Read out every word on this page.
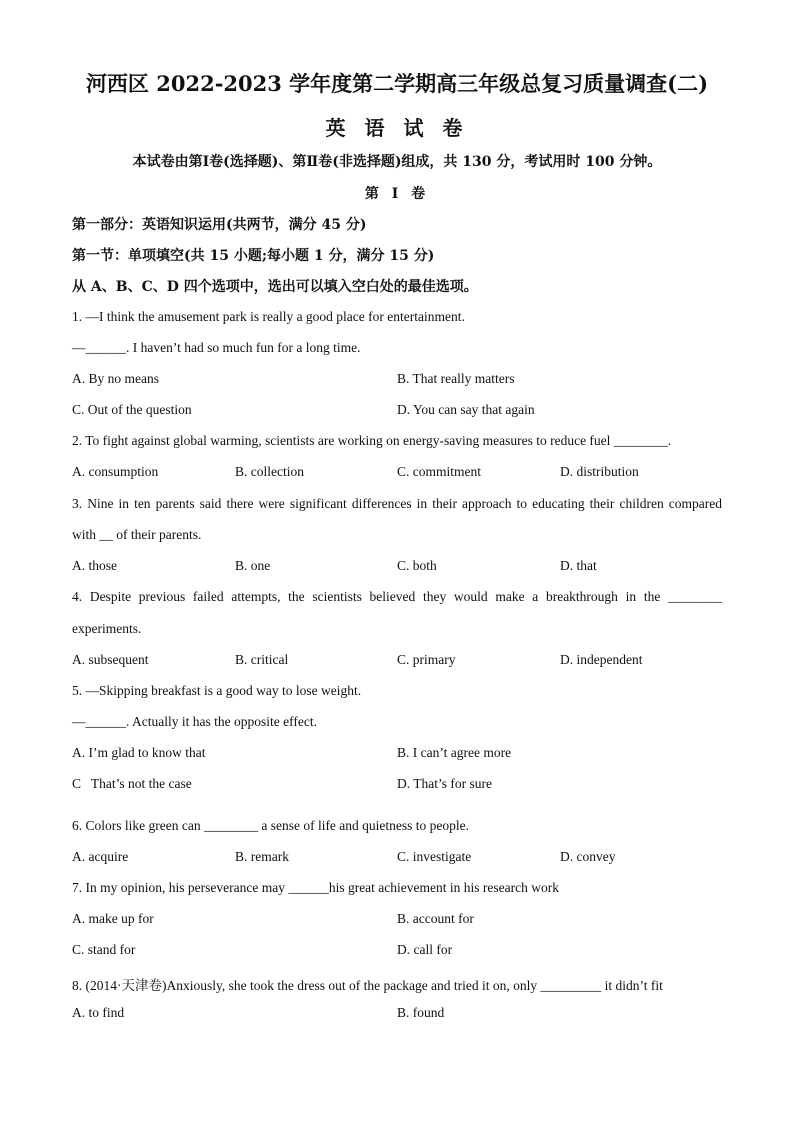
河西区 2022-2023 学年度第二学期高三年级总复习质量调查(二)
英 语 试 卷
本试卷由第Ⅰ卷(选择题)、第Ⅱ卷(非选择题)组成，共 130 分，考试用时 100 分钟。
第 Ⅰ 卷
第一部分：英语知识运用(共两节，满分 45 分)
第一节：单项填空(共 15 小题;每小题 1 分，满分 15 分)
从 A、B、C、D 四个选项中，选出可以填入空白处的最佳选项。
1. —I think the amusement park is really a good place for entertainment.
—______. I haven’t had so much fun for a long time.
A. By no means	B. That really matters
C. Out of the question	D. You can say that again
2. To fight against global warming, scientists are working on energy-saving measures to reduce fuel ________.
A. consumption	B. collection	C. commitment	D. distribution
3. Nine in ten parents said there were significant differences in their approach to educating their children compared
with __ of their parents.
A. those	B. one	C. both	D. that
4. Despite previous failed attempts, the scientists believed they would make a breakthrough in the ________
experiments.
A. subsequent	B. critical	C. primary	D. independent
5. —Skipping breakfast is a good way to lose weight.
—______. Actually it has the opposite effect.
A. I’m glad to know that	B. I can’t agree more
C   That’s not the case	D. That’s for sure
6. Colors like green can ________ a sense of life and quietness to people.
A. acquire	B. remark	C. investigate	D. convey
7. In my opinion, his perseverance may ______his great achievement in his research work
A. make up for	B. account for
C. stand for	D. call for
8. (2014·天津卷)Anxiously, she took the dress out of the package and tried it on, only _________ it didn’t fit
A. to find	B. found
